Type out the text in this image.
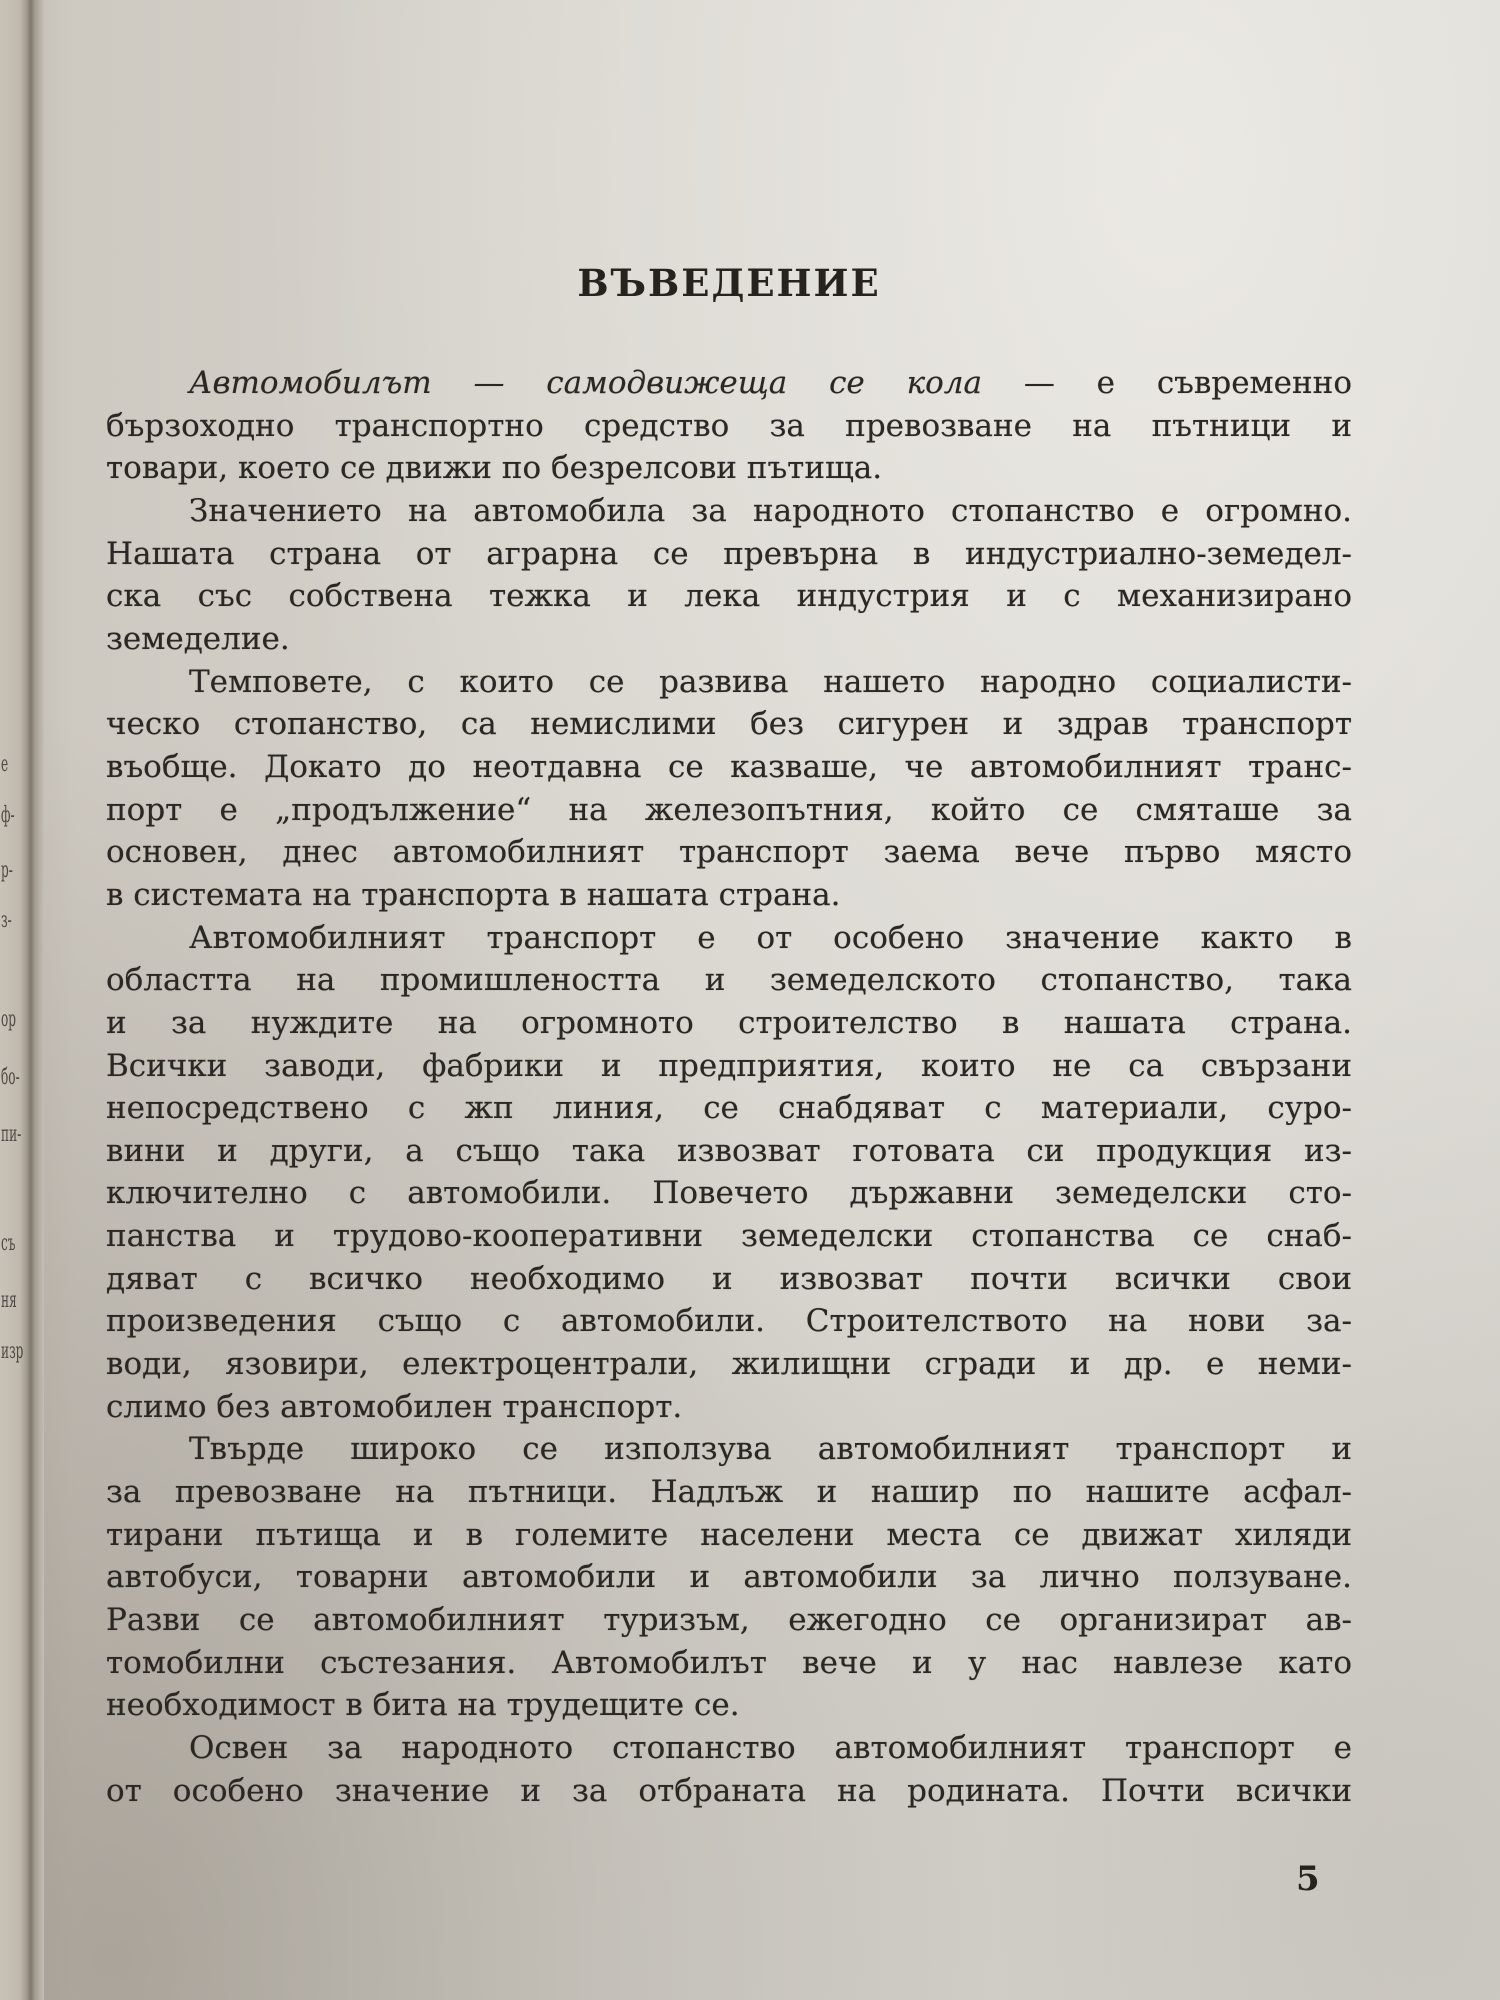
е
ф-
р-
з-
ор
бо-
пи-
съ
ня
изр
ВЪВЕДЕНИЕ
Автомобилът — самодвижеща се кола — е съвременно
бързоходно транспортно средство за превозване на пътници и
товари, което се движи по безрелсови пътища.
Значението на автомобила за народното стопанство е огромно.
Нашата страна от аграрна се превърна в индустриално-земедел-
ска със собствена тежка и лека индустрия и с механизирано
земеделие.
Темповете, с които се развива нашето народно социалисти-
ческо стопанство, са немислими без сигурен и здрав транспорт
въобще. Докато до неотдавна се казваше, че автомобилният транс-
порт е „продължение“ на железопътния, който се смяташе за
основен, днес автомобилният транспорт заема вече първо място
в системата на транспорта в нашата страна.
Автомобилният транспорт е от особено значение както в
областта на промишлеността и земеделското стопанство, така
и за нуждите на огромното строителство в нашата страна.
Всички заводи, фабрики и предприятия, които не са свързани
непосредствено с жп линия, се снабдяват с материали, суро-
вини и други, а също така извозват готовата си продукция из-
ключително с автомобили. Повечето държавни земеделски сто-
панства и трудово-кооперативни земеделски стопанства се снаб-
дяват с всичко необходимо и извозват почти всички свои
произведения също с автомобили. Строителството на нови за-
води, язовири, електроцентрали, жилищни сгради и др. е неми-
слимо без автомобилен транспорт.
Твърде широко се използува автомобилният транспорт и
за превозване на пътници. Надлъж и нашир по нашите асфал-
тирани пътища и в големите населени места се движат хиляди
автобуси, товарни автомобили и автомобили за лично ползуване.
Разви се автомобилният туризъм, ежегодно се организират ав-
томобилни състезания. Автомобилът вече и у нас навлезе като
необходимост в бита на трудещите се.
Освен за народното стопанство автомобилният транспорт е
от особено значение и за отбраната на родината. Почти всички
5
